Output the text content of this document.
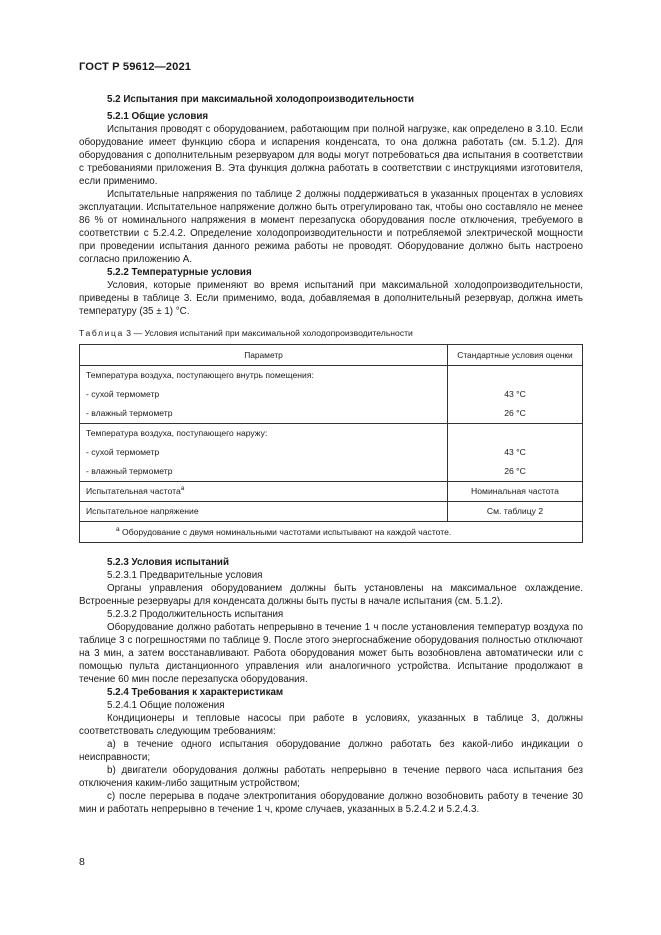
ГОСТ Р 59612—2021
5.2 Испытания при максимальной холодопроизводительности
5.2.1 Общие условия

Испытания проводят с оборудованием, работающим при полной нагрузке, как определено в 3.10. Если оборудование имеет функцию сбора и испарения конденсата, то она должна работать (см. 5.1.2). Для оборудования с дополнительным резервуаром для воды могут потребоваться два испытания в соответствии с требованиями приложения В. Эта функция должна работать в соответствии с инструкциями изготовителя, если применимо.

Испытательные напряжения по таблице 2 должны поддерживаться в указанных процентах в условиях эксплуатации. Испытательное напряжение должно быть отрегулировано так, чтобы оно составляло не менее 86 % от номинального напряжения в момент перезапуска оборудования после отключения, требуемого в соответствии с 5.2.4.2. Определение холодопроизводительности и потребляемой электрической мощности при проведении испытания данного режима работы не проводят. Оборудование должно быть настроено согласно приложению А.

5.2.2 Температурные условия

Условия, которые применяют во время испытаний при максимальной холодопроизводительности, приведены в таблице 3. Если применимо, вода, добавляемая в дополнительный резервуар, должна иметь температуру (35 ± 1) °С.

Таблица 3 — Условия испытаний при максимальной холодопроизводительности

Параметр	Стандартные условия оценки
Температура воздуха, поступающего внутрь помещения:	
- сухой термометр	43 °С
- влажный термометр	26 °С
Температура воздуха, поступающего наружу:	
- сухой термометр	43 °С
- влажный термометр	26 °С
Испытательная частота$^a$	Номинальная частота
Испытательное напряжение	См. таблицу 2
$^a$ Оборудование с двумя номинальными частотами испытывают на каждой частоте.	
5.2.3 Условия испытаний
5.2.3.1 Предварительные условия

Органы управления оборудованием должны быть установлены на максимальное охлаждение. Встроенные резервуары для конденсата должны быть пусты в начале испытания (см. 5.1.2).

5.2.3.2 Продолжительность испытания

Оборудование должно работать непрерывно в течение 1 ч после установления температур воздуха по таблице 3 с погрешностями по таблице 9. После этого энергоснабжение оборудования полностью отключают на 3 мин, а затем восстанавливают. Работа оборудования может быть возобновлена автоматически или с помощью пульта дистанционного управления или аналогичного устройства. Испытание продолжают в течение 60 мин после перезапуска оборудования.

5.2.4 Требования к характеристикам
5.2.4.1 Общие положения

Кондиционеры и тепловые насосы при работе в условиях, указанных в таблице 3, должны соответствовать следующим требованиям:

a) в течение одного испытания оборудование должно работать без какой-либо индикации о неисправности;

b) двигатели оборудования должны работать непрерывно в течение первого часа испытания без отключения каким-либо защитным устройством;

c) после перерыва в подаче электропитания оборудование должно возобновить работу в течение 30 мин и работать непрерывно в течение 1 ч, кроме случаев, указанных в 5.2.4.2 и 5.2.4.3.

8
